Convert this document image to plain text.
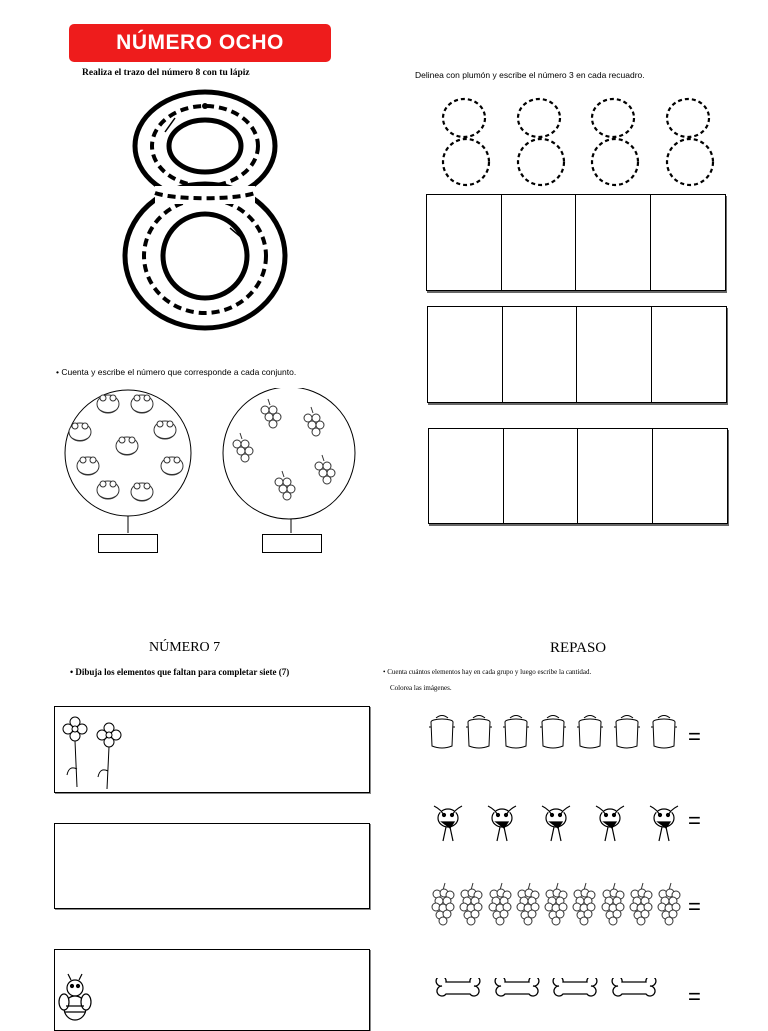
NÚMERO OCHO
Realiza el trazo del número 8 con tu lápiz	Delinea con plumón y escribe el número 3 en cada recuadro.
• Cuenta y escribe el número que corresponde a cada conjunto.
NÚMERO 7
• Dibuja los elementos que faltan para completar siete (7)
REPASO
• Cuenta cuántos elementos hay en cada grupo y luego escribe la cantidad.
Colorea las imágenes.
=
=
=
=
